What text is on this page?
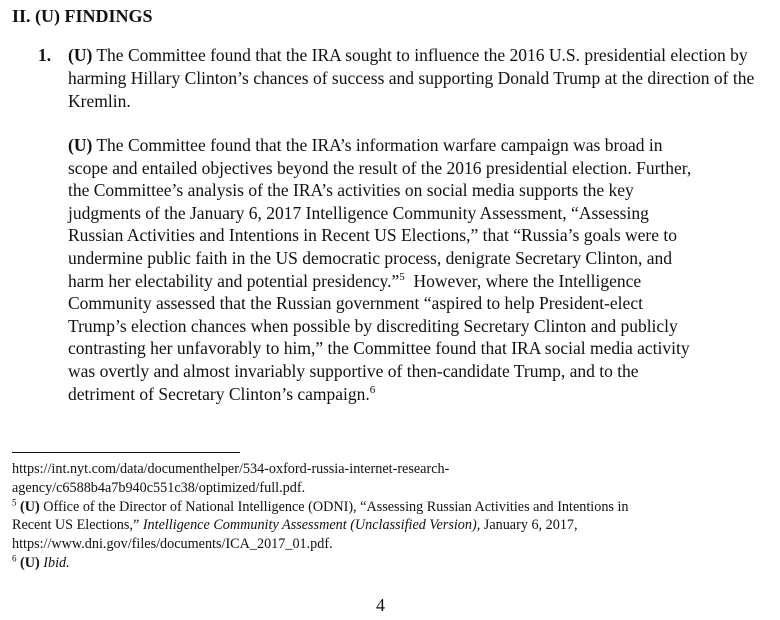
II. (U) FINDINGS
1. (U) The Committee found that the IRA sought to influence the 2016 U.S. presidential election by harming Hillary Clinton’s chances of success and supporting Donald Trump at the direction of the Kremlin.
(U) The Committee found that the IRA’s information warfare campaign was broad in
scope and entailed objectives beyond the result of the 2016 presidential election. Further,
the Committee’s analysis of the IRA’s activities on social media supports the key
judgments of the January 6, 2017 Intelligence Community Assessment, “Assessing
Russian Activities and Intentions in Recent US Elections,” that “Russia’s goals were to
undermine public faith in the US democratic process, denigrate Secretary Clinton, and
harm her electability and potential presidency.”$^5$ However, where the Intelligence
Community assessed that the Russian government “aspired to help President-elect
Trump’s election chances when possible by discrediting Secretary Clinton and publicly
contrasting her unfavorably to him,” the Committee found that IRA social media activity
was overtly and almost invariably supportive of then-candidate Trump, and to the
detriment of Secretary Clinton’s campaign.$^6$
https://int.nyt.com/data/documenthelper/534-oxford-russia-internet-research-
agency/c6588b4a7b940c551c38/optimized/full.pdf.
$^5$ (U) Office of the Director of National Intelligence (ODNI), “Assessing Russian Activities and Intentions in
Recent US Elections,” Intelligence Community Assessment (Unclassified Version), January 6, 2017,
https://www.dni.gov/files/documents/ICA_2017_01.pdf.
$^6$ (U) Ibid.
4
